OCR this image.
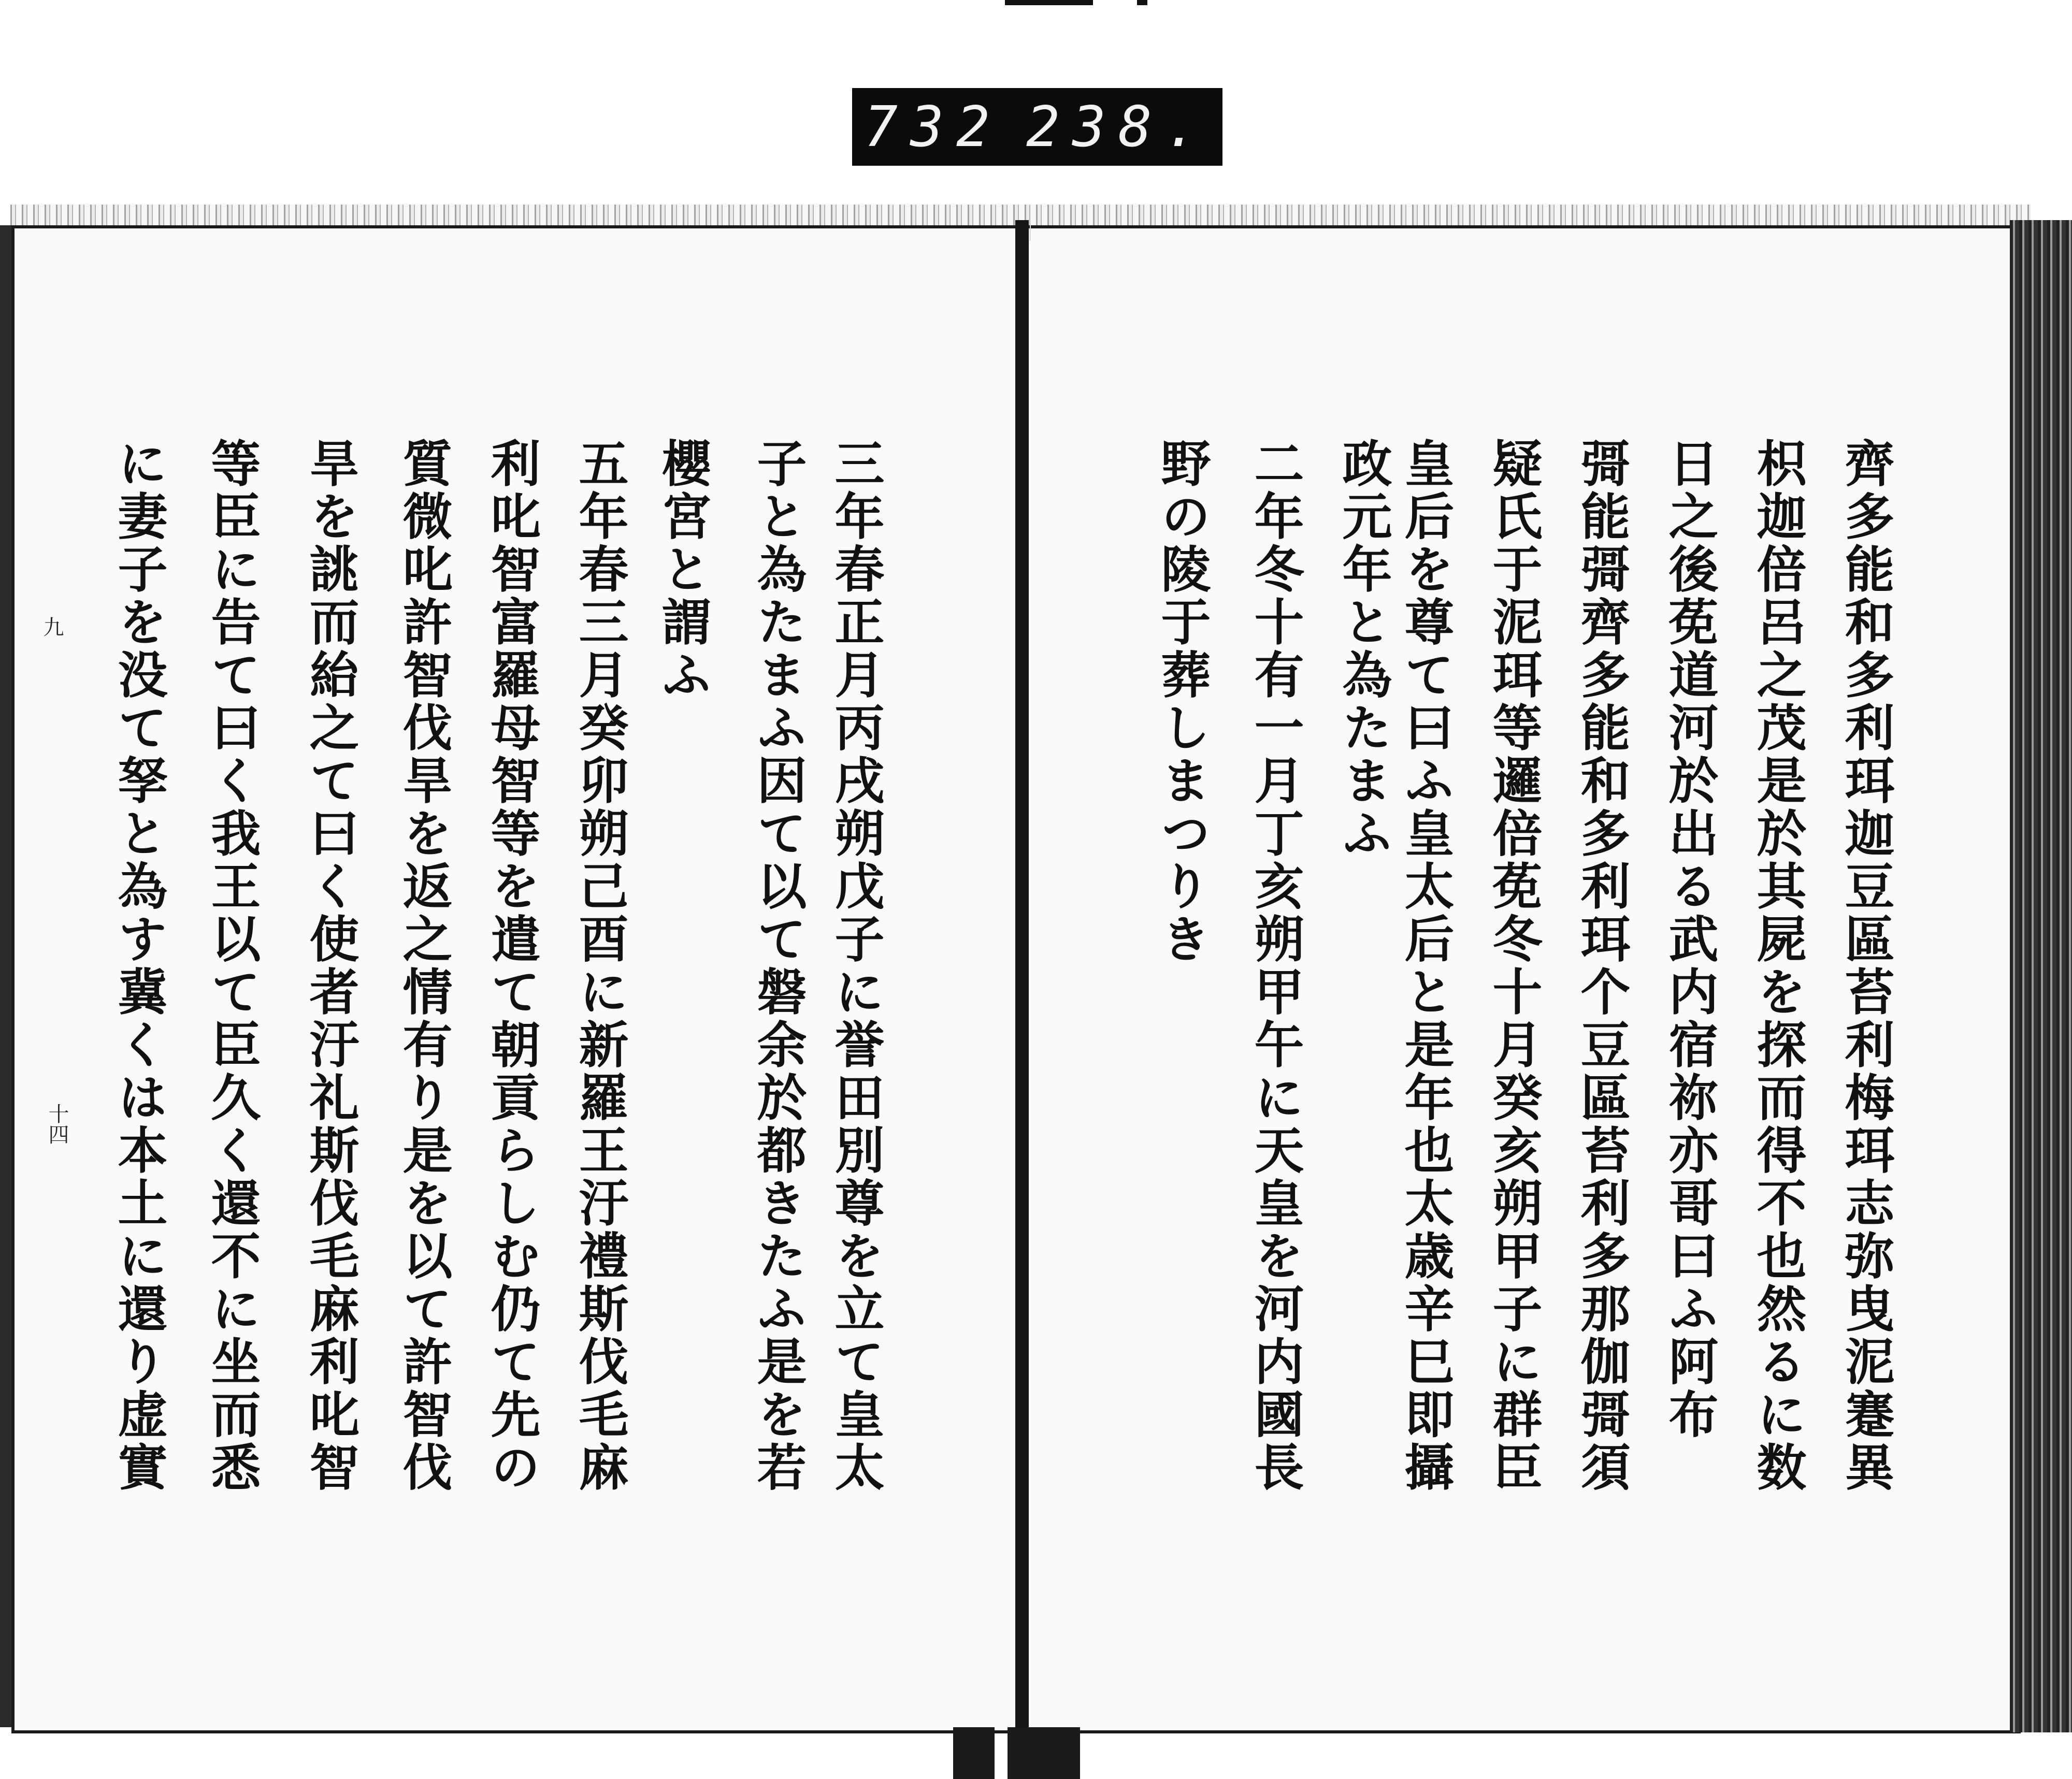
732 238.
九
十四	三年春正月丙戌朔戊子に誉田別尊を立て皇太
子と為たまふ因て以て磐余於都きたふ是を若
櫻宮と謂ふ
五年春三月癸卯朔己酉に新羅王汙禮斯伐毛麻
利叱智富羅母智等を遣て朝貢らしむ仍て先の
質微叱許智伐旱を返之情有り是を以て許智伐
旱を誂而紿之て曰く使者汙礼斯伐毛麻利叱智
等臣に告て曰く我王以て臣久く還不に坐而悉
に妻子を没て孥と為す冀くは本土に還り虚實	齊多能和多利珥迦豆區苔利梅珥志弥曳泥蹇異
枳迦倍呂之茂是於其屍を探而得不也然るに数
日之後莬道河於出る武内宿祢亦哥曰ふ阿布
彁能彁齊多能和多利珥个豆區苔利多那伽彁須
疑氏于泥珥等邏倍莬冬十月癸亥朔甲子に群臣
皇后を尊て曰ふ皇太后と是年也太歳辛巳即攝
政元年と為たまふ
二年冬十有一月丁亥朔甲午に天皇を河内國長
野の陵于葬しまつりき
